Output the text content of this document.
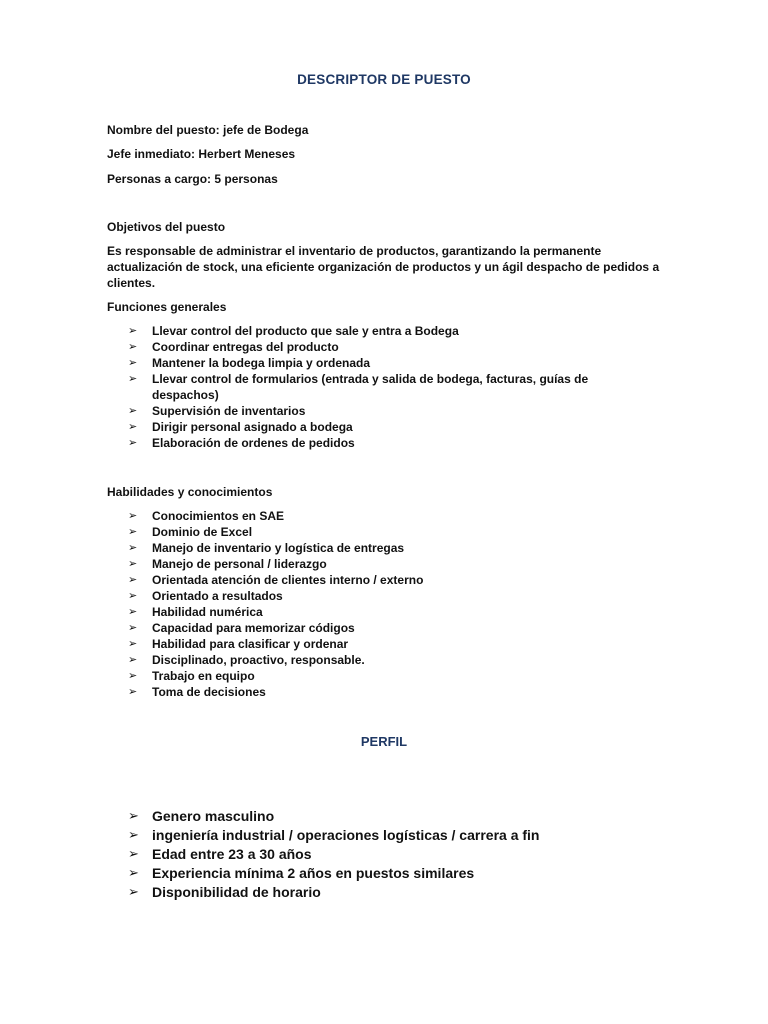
DESCRIPTOR DE PUESTO
Nombre del puesto: jefe de Bodega
Jefe inmediato: Herbert Meneses
Personas a cargo: 5 personas
Objetivos del puesto
Es responsable de administrar el inventario de productos, garantizando la permanente actualización de stock, una eficiente organización de productos y un ágil despacho de pedidos a clientes.
Funciones generales
➢ Llevar control del producto que sale y entra a Bodega
➢ Coordinar entregas del producto
➢ Mantener la bodega limpia y ordenada
➢ Llevar control de formularios (entrada y salida de bodega, facturas, guías de despachos)
➢ Supervisión de inventarios
➢ Dirigir personal asignado a bodega
➢ Elaboración de ordenes de pedidos
Habilidades y conocimientos
➢ Conocimientos en SAE
➢ Dominio de Excel
➢ Manejo de inventario y logística de entregas
➢ Manejo de personal / liderazgo
➢ Orientada atención de clientes interno / externo
➢ Orientado a resultados
➢ Habilidad numérica
➢ Capacidad para memorizar códigos
➢ Habilidad para clasificar y ordenar
➢ Disciplinado, proactivo, responsable.
➢ Trabajo en equipo
➢ Toma de decisiones
PERFIL
➢ Genero masculino
➢ ingeniería industrial / operaciones logísticas / carrera a fin
➢ Edad entre 23 a 30 años
➢ Experiencia mínima 2 años en puestos similares
➢ Disponibilidad de horario
